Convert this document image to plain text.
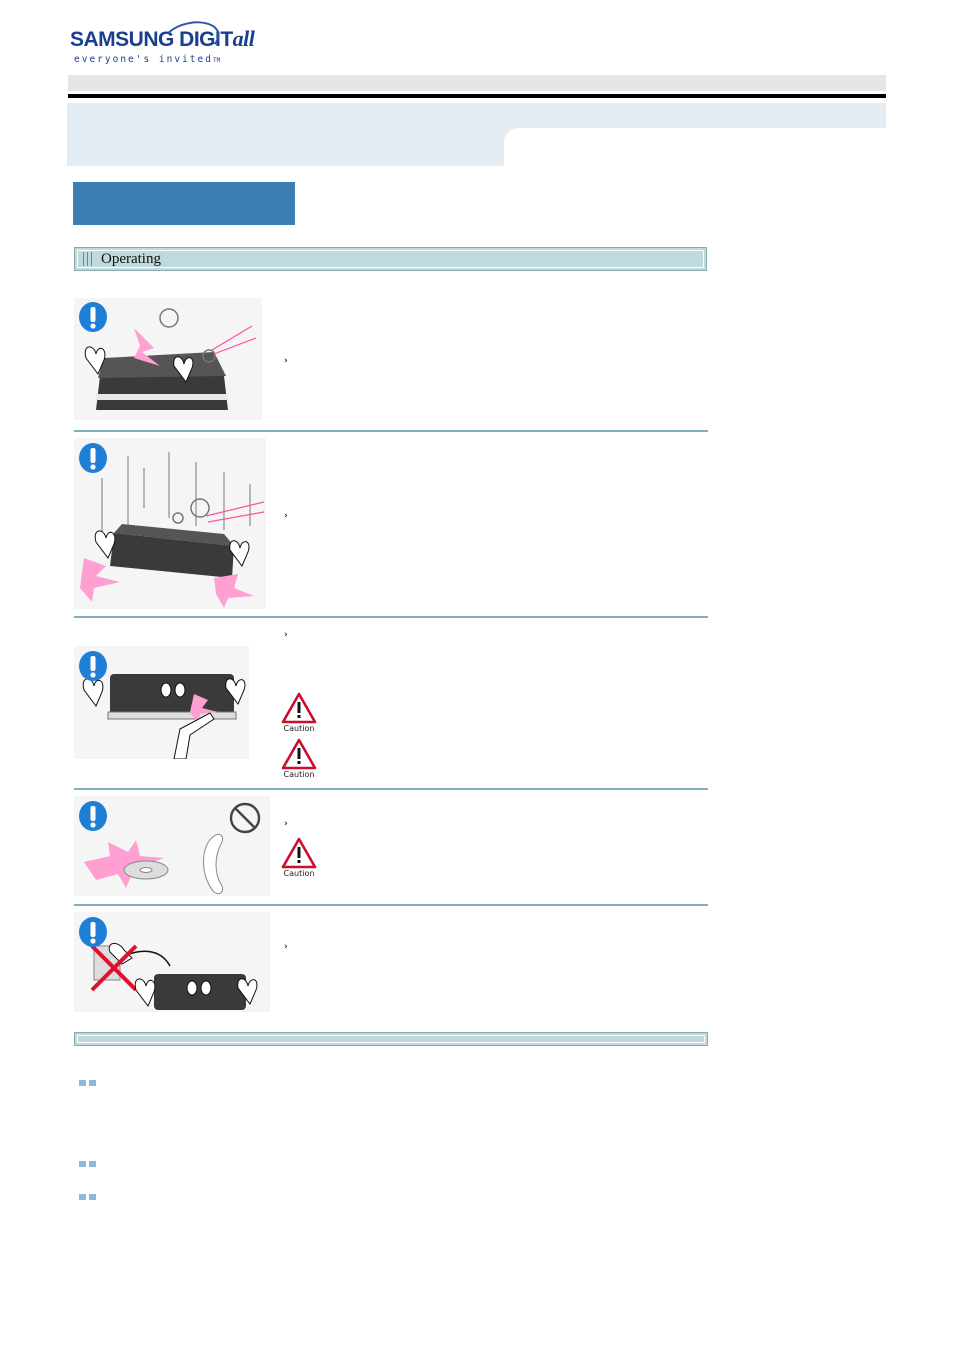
SAMSUNG DIGITall
everyone's invitedTM
Operating
›
›
›
Caution
Caution
›
Caution
›
